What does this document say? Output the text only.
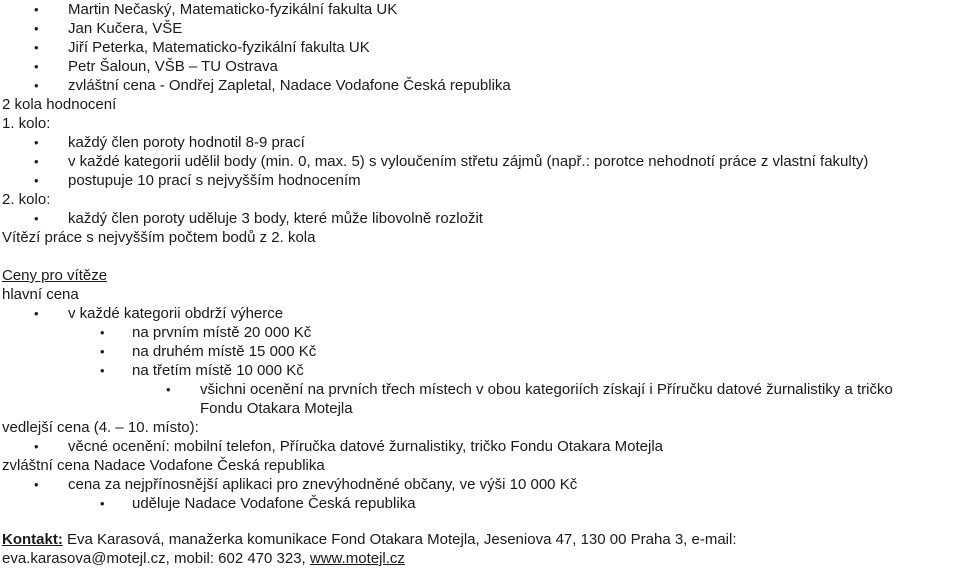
•	Martin Nečaský, Matematicko-fyzikální fakulta UK
•	Jan Kučera, VŠE
•	Jiří Peterka, Matematicko-fyzikální fakulta UK
•	Petr Šaloun, VŠB – TU Ostrava
•	zvláštní cena - Ondřej Zapletal, Nadace Vodafone Česká republika
2 kola hodnocení
1. kolo:
•	každý člen poroty hodnotil 8-9 prací
•	v každé kategorii udělil body (min. 0, max. 5) s vyloučením střetu zájmů (např.: porotce nehodnotí práce z vlastní fakulty)
•	postupuje 10 prací s nejvyšším hodnocením
2. kolo:
•	každý člen poroty uděluje 3 body, které může libovolně rozložit
Vítězí práce s nejvyšším počtem bodů z 2. kola
Ceny pro vítěze
hlavní cena
•	v každé kategorii obdrží výherce
•	na prvním místě 20 000 Kč
•	na druhém místě 15 000 Kč
•	na třetím místě 10 000 Kč
•	všichni ocenění na prvních třech místech v obou kategoriích získají i Příručku datové žurnalistiky a tričko
Fondu Otakara Motejla
vedlejší cena (4. – 10. místo):
•	věcné ocenění: mobilní telefon, Příručka datové žurnalistiky, tričko Fondu Otakara Motejla
zvláštní cena Nadace Vodafone Česká republika
•	cena za nejpřínosnější aplikaci pro znevýhodněné občany, ve výši 10 000 Kč
•	uděluje Nadace Vodafone Česká republika
Kontakt: Eva Karasová, manažerka komunikace Fond Otakara Motejla, Jeseniova 47, 130 00 Praha 3, e-mail:
eva.karasova@motejl.cz, mobil: 602 470 323, www.motejl.cz
